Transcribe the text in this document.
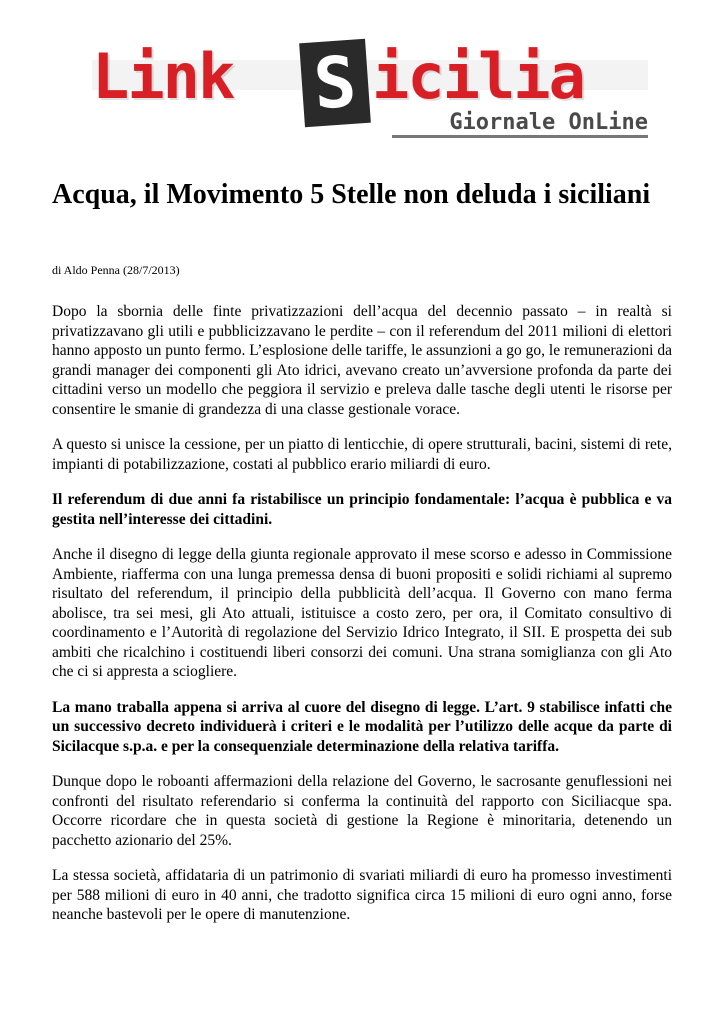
Link	S icilia
Giornale OnLine
Acqua, il Movimento 5 Stelle non deluda i siciliani

di Aldo Penna (28/7/2013)

Dopo la sbornia delle finte privatizzazioni dell’acqua del decennio passato – in realtà si privatizzavano gli utili e pubblicizzavano le perdite – con il referendum del 2011 milioni di elettori hanno apposto un punto fermo. L’esplosione delle tariffe, le assunzioni a go go, le remunerazioni da grandi manager dei componenti gli Ato idrici, avevano creato un’avversione profonda da parte dei cittadini verso un modello che peggiora il servizio e preleva dalle tasche degli utenti le risorse per consentire le smanie di grandezza di una classe gestionale vorace.

A questo si unisce la cessione, per un piatto di lenticchie, di opere strutturali, bacini, sistemi di rete, impianti di potabilizzazione, costati al pubblico erario miliardi di euro.

Il referendum di due anni fa ristabilisce un principio fondamentale: l’acqua è pubblica e va gestita nell’interesse dei cittadini.

Anche il disegno di legge della giunta regionale approvato il mese scorso e adesso in Commissione Ambiente, riafferma con una lunga premessa densa di buoni propositi e solidi richiami al supremo risultato del referendum, il principio della pubblicità dell’acqua. Il Governo con mano ferma abolisce, tra sei mesi, gli Ato attuali, istituisce a costo zero, per ora, il Comitato consultivo di coordinamento e l’Autorità di regolazione del Servizio Idrico Integrato, il SII. E prospetta dei sub ambiti che ricalchino i costituendi liberi consorzi dei comuni. Una strana somiglianza con gli Ato che ci si appresta a sciogliere.

La mano traballa appena si arriva al cuore del disegno di legge. L’art. 9 stabilisce infatti che un successivo decreto individuerà i criteri e le modalità per l’utilizzo delle acque da parte di Sicilacque s.p.a. e per la consequenziale determinazione della relativa tariffa.

Dunque dopo le roboanti affermazioni della relazione del Governo, le sacrosante genuflessioni nei confronti del risultato referendario si conferma la continuità del rapporto con Siciliacque spa. Occorre ricordare che in questa società di gestione la Regione è minoritaria, detenendo un pacchetto azionario del 25%.

La stessa società, affidataria di un patrimonio di svariati miliardi di euro ha promesso investimenti per 588 milioni di euro in 40 anni, che tradotto significa circa 15 milioni di euro ogni anno, forse neanche bastevoli per le opere di manutenzione.
